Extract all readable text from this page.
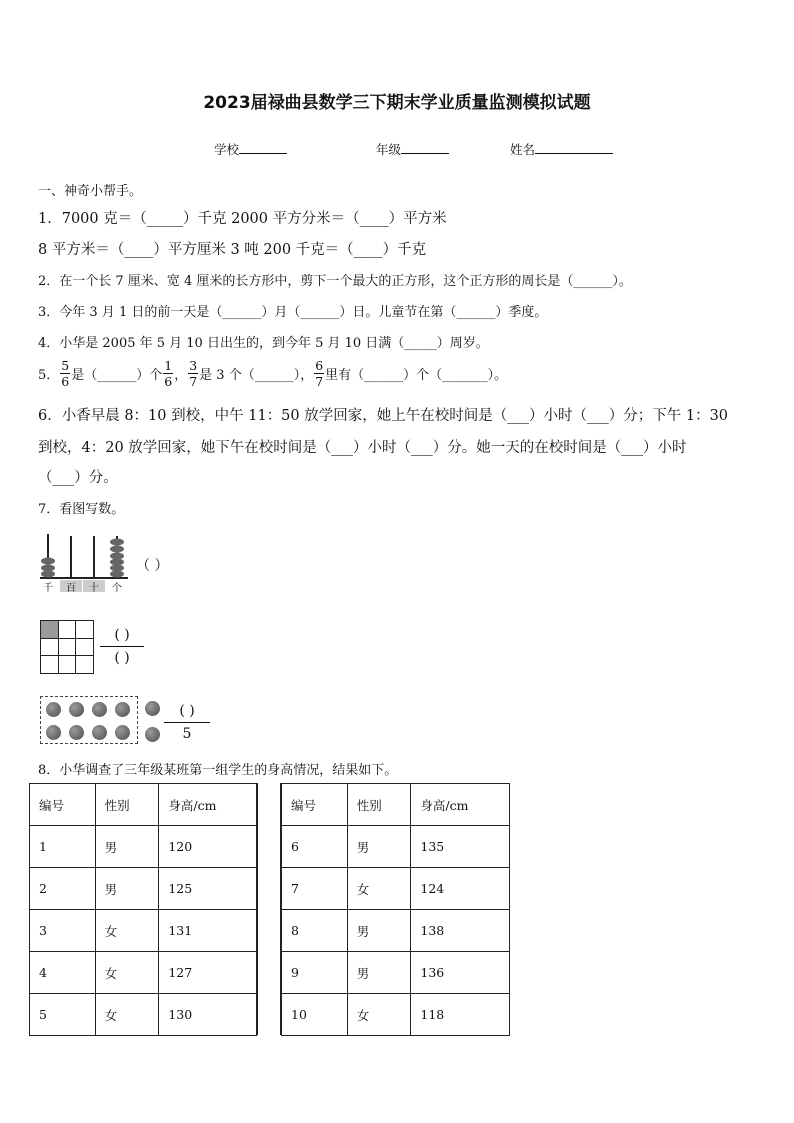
2023届禄曲县数学三下期末学业质量监测模拟试题
学校	年级	姓名
一、神奇小帮手。
1．7000 克＝（_____）千克 2000 平方分米＝（____）平方米
8 平方米＝（____）平方厘米 3 吨 200 千克＝（____）千克
2．在一个长 7 厘米、宽 4 厘米的长方形中，剪下一个最大的正方形，这个正方形的周长是（______）。
3．今年 3 月 1 日的前一天是（______）月（______）日。儿童节在第（______）季度。
4．小华是 2005 年 5 月 10 日出生的，到今年 5 月 10 日满（_____）周岁。
5． $\frac{5}{6}$ 是（______）个 $\frac{1}{6}$ ， $\frac{3}{7}$ 是 3 个（______）， $\frac{6}{7}$ 里有（______）个（_______）。
6．小香早晨 8：10 到校，中午 11：50 放学回家，她上午在校时间是（___）小时（___）分；下午 1：30
到校，4：20 放学回家，她下午在校时间是（___）小时（___）分。她一天的在校时间是（___）小时
（___）分。
7．看图写数。
千 百 十 个
（ ）

( )
( )
( )
5
8．小华调查了三年级某班第一组学生的身高情况，结果如下。
编号	性别	身高/cm
1	男	120
2	男	125
3	女	131
4	女	127
5	女	130
编号	性别	身高/cm
6	男	135
7	女	124
8	男	138
9	男	136
10	女	118
